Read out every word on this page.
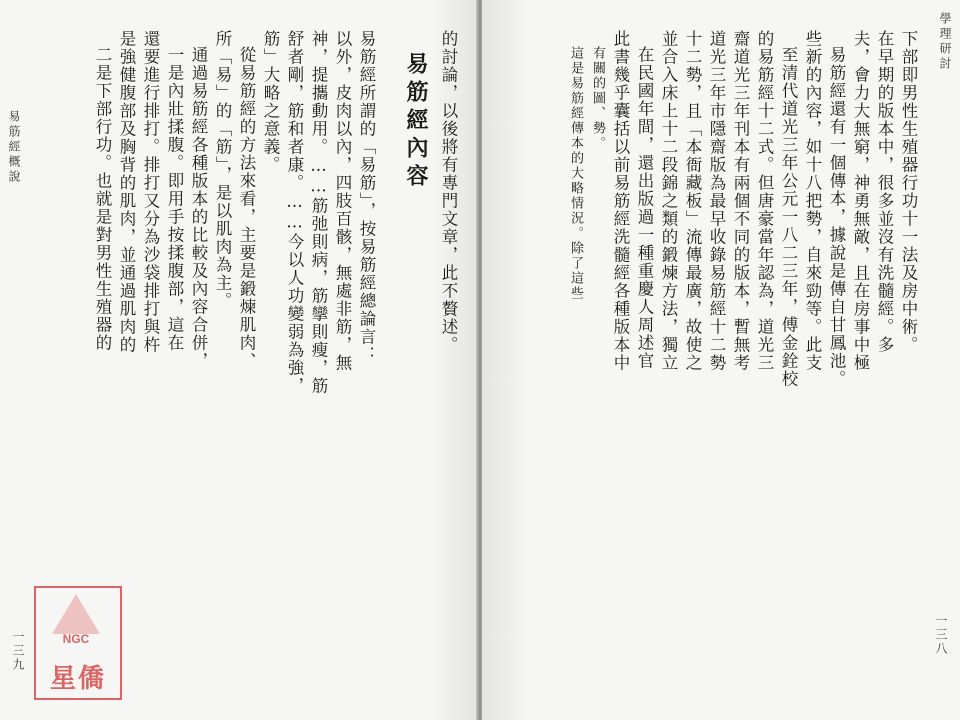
易筋經概說
一三九
的討論，以後將有專門文章，此不贅述。
易筋經內容
易筋經所謂的「易筋」，按易筋經總論言：
以外，皮肉以內，四肢百骸，無處非筋，無
神，提攜動用。……筋弛則病，筋攣則瘦，筋
舒者剛，筋和者康。……今以人功變弱為強，
筋」大略之意義。
從易筋經的方法來看，主要是鍛煉肌肉、
所「易」的「筋」，是以肌肉為主。
通過易筋經各種版本的比較及內容合併，
一是內壯揉腹。即用手按揉腹部，這在
還要進行排打。排打又分為沙袋排打與杵
是強健腹部及胸背的肌肉，並通過肌肉的
二是下部行功。也就是對男性生殖器的
NGC
星僑
學理研討
一三八
下部即男性生殖器行功十一法及房中術。
在早期的版本中，很多並沒有洗髓經。多
夫，會力大無窮，神勇無敵，且在房事中極
易筋經還有一個傳本，據說是傳自甘鳳池。
些新的內容，如十八把勢，自來勁等。此支
至清代道光三年公元一八二三年，傅金銓校
的易筋經十二式。但唐豪當年認為，道光三
齋道光三年刊本有兩個不同的版本，暫無考
道光三年市隱齋版為最早收錄易筋經十二勢
十二勢，且「本衙藏板」流傳最廣，故使之
並合入床上十二段錦之類的鍛煉方法，獨立
在民國年間，還出版過一種重慶人周述官
此書幾乎囊括以前易筋經洗髓經各種版本中
有關的圖、勢。
這是易筋經傳本的大略情況。除了這些
